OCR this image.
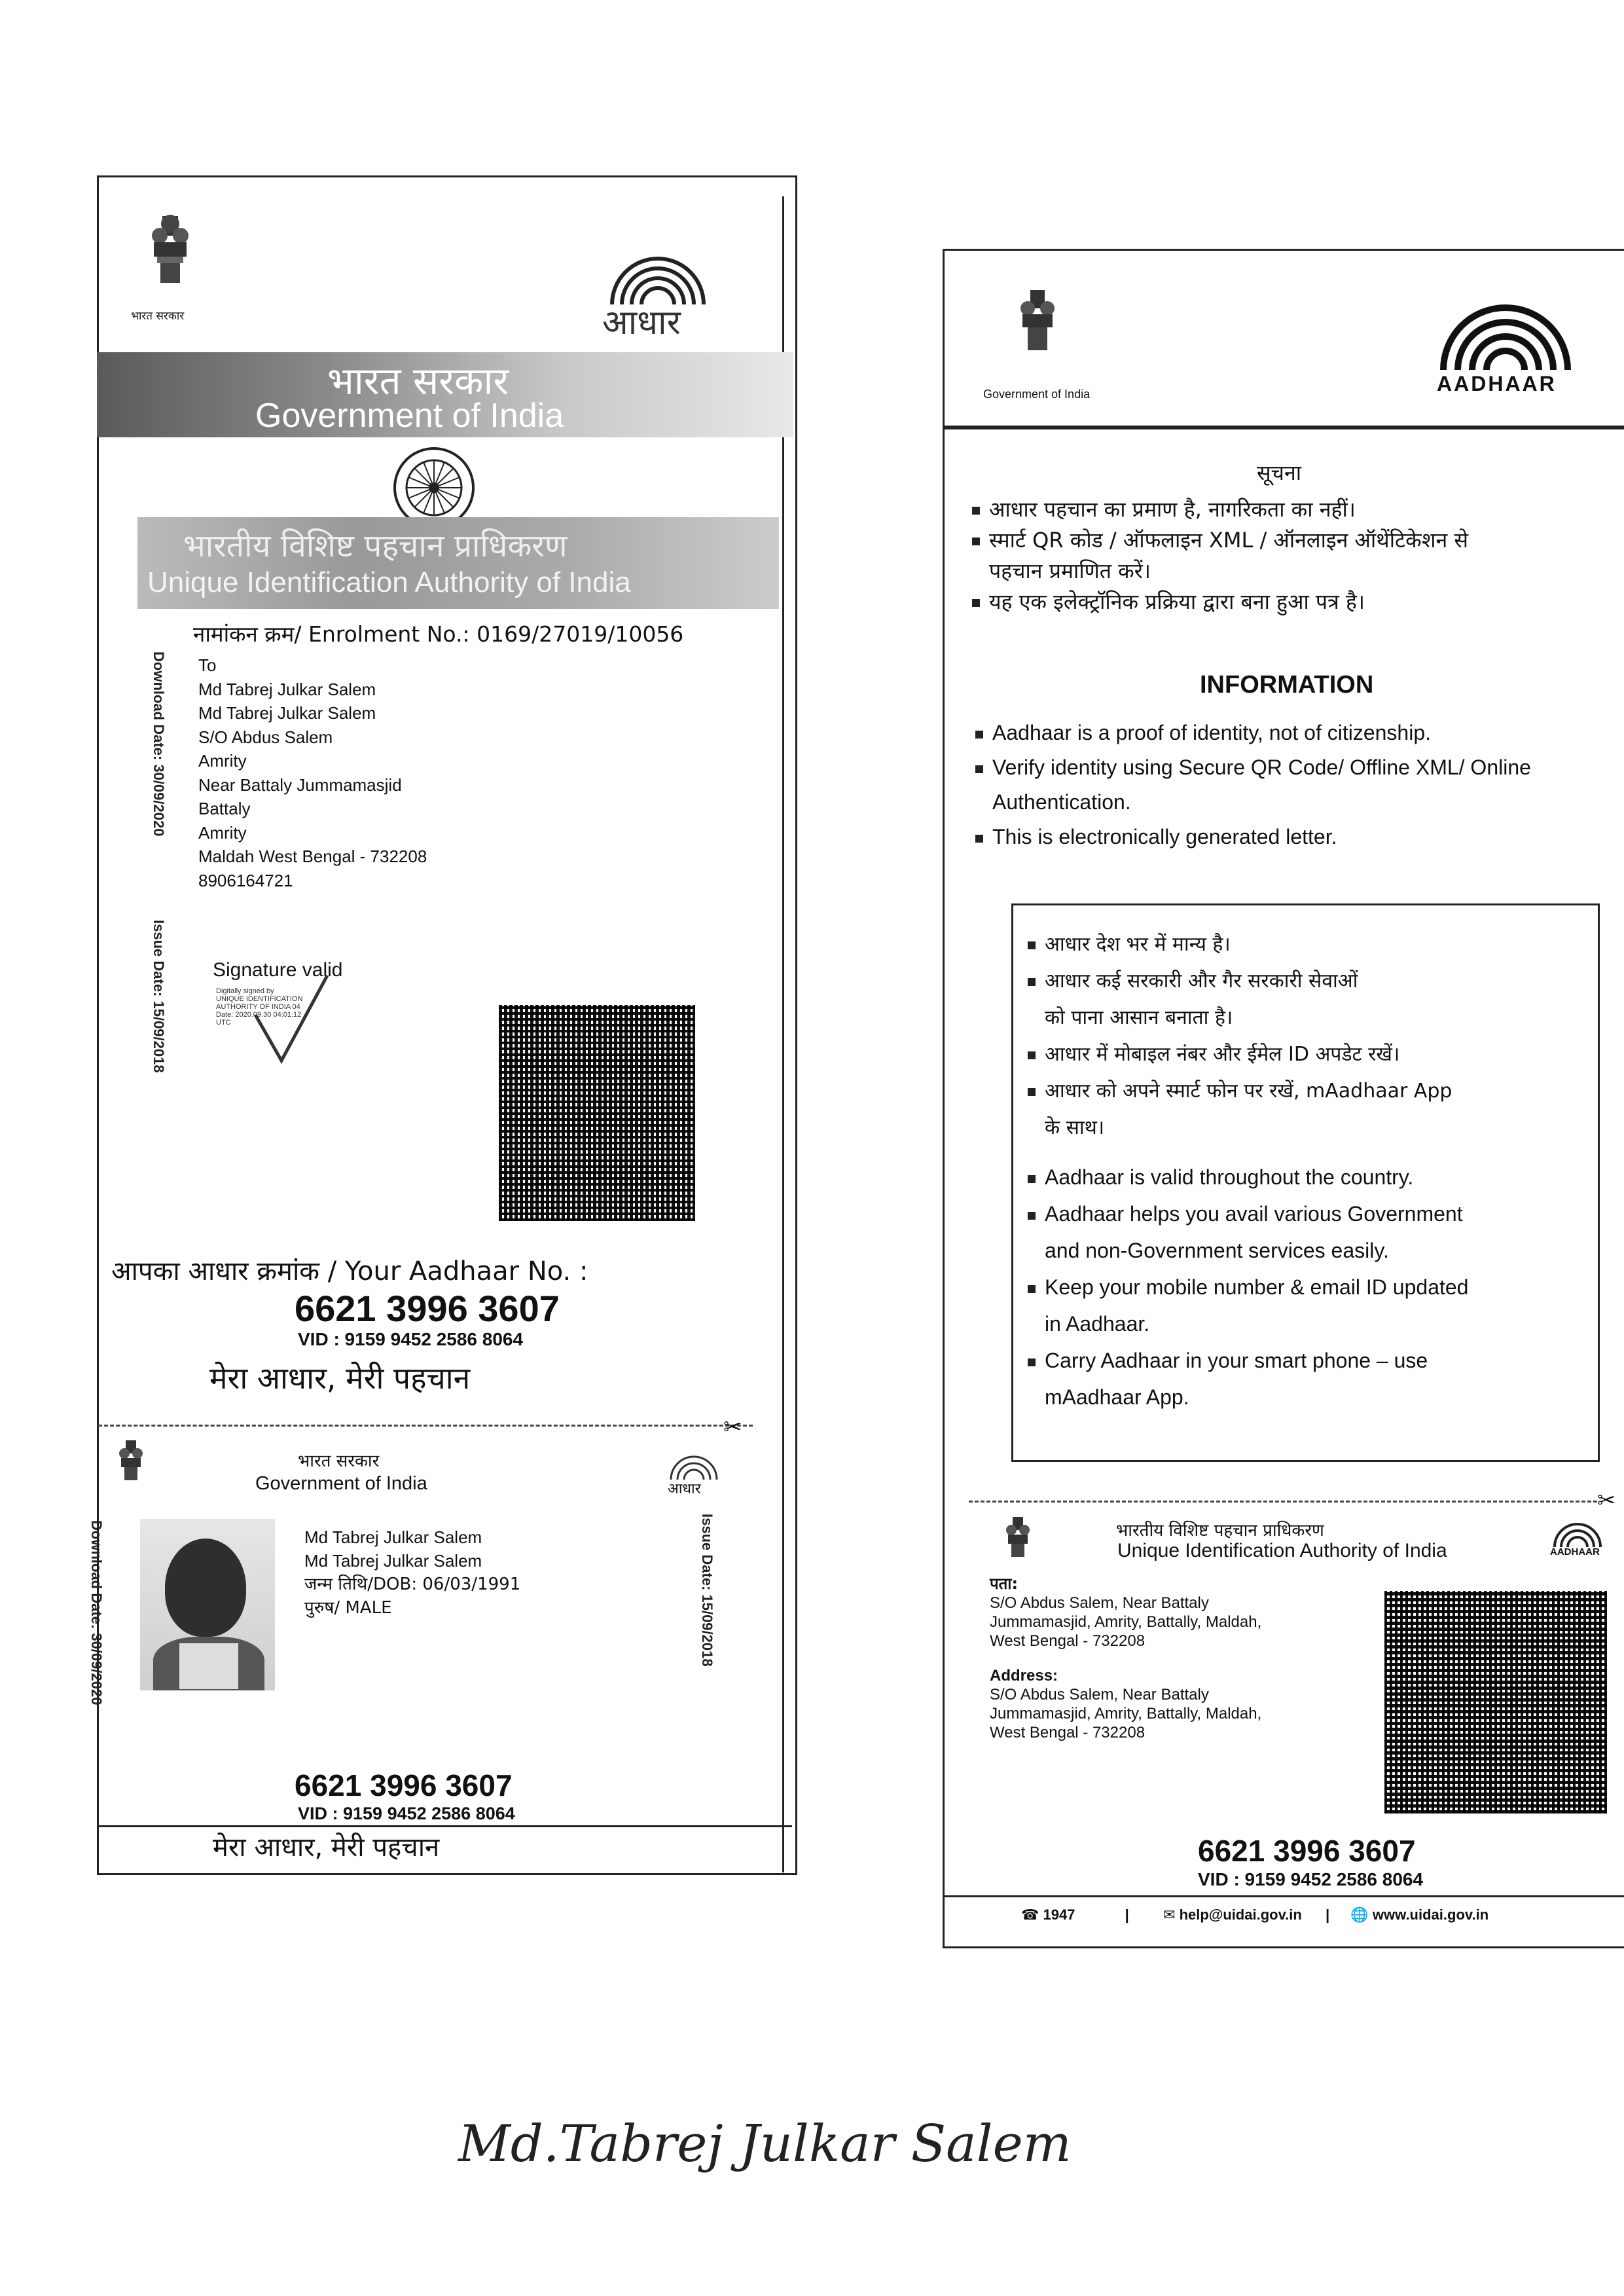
भारत सरकार	आधार
भारत सरकार
Government of India
भारतीय विशिष्ट पहचान प्राधिकरण
Unique Identification Authority of India
नामांकन क्रम/ Enrolment No.: 0169/27019/10056
Download Date: 30/09/2020
Issue Date: 15/09/2018
To
Md Tabrej Julkar Salem
Md Tabrej Julkar Salem
S/O Abdus Salem
Amrity
Near Battaly Jummamasjid
Battaly
Amrity
Maldah West Bengal - 732208
8906164721
Signature valid
Digitally signed by
UNIQUE IDENTIFICATION
AUTHORITY OF INDIA 04
Date: 2020.09.30 04:01:12
UTC
आपका आधार क्रमांक / Your Aadhaar No. :
6621 3996 3607
VID : 9159 9452 2586 8064
मेरा आधार, मेरी पहचान
✂
भारत सरकार
Government of India	आधार
Download Date: 30/09/2020	Issue Date: 15/09/2018
Md Tabrej Julkar Salem
Md Tabrej Julkar Salem
जन्म तिथि/DOB: 06/03/1991
पुरुष/ MALE
6621 3996 3607
VID : 9159 9452 2586 8064
मेरा आधार, मेरी पहचान
Government of India	AADHAAR
सूचना
आधार पहचान का प्रमाण है, नागरिकता का नहीं।
स्मार्ट QR कोड / ऑफलाइन XML / ऑनलाइन ऑथेंटिकेशन से
पहचान प्रमाणित करें।
यह एक इलेक्ट्रॉनिक प्रक्रिया द्वारा बना हुआ पत्र है।
INFORMATION
Aadhaar is a proof of identity, not of citizenship.
Verify identity using Secure QR Code/ Offline XML/ Online
Authentication.
This is electronically generated letter.
आधार देश भर में मान्य है।
आधार कई सरकारी और गैर सरकारी सेवाओं
को पाना आसान बनाता है।
आधार में मोबाइल नंबर और ईमेल ID अपडेट रखें।
आधार को अपने स्मार्ट फोन पर रखें, mAadhaar App
के साथ।
Aadhaar is valid throughout the country.
Aadhaar helps you avail various Government
and non-Government services easily.
Keep your mobile number & email ID updated
in Aadhaar.
Carry Aadhaar in your smart phone – use
mAadhaar App.
✂
भारतीय विशिष्ट पहचान प्राधिकरण
Unique Identification Authority of India	AADHAAR
पता:
S/O Abdus Salem, Near Battaly
Jummamasjid, Amrity, Battally, Maldah,
West Bengal - 732208
Address:
S/O Abdus Salem, Near Battaly
Jummamasjid, Amrity, Battally, Maldah,
West Bengal - 732208
6621 3996 3607
VID : 9159 9452 2586 8064
☎ 1947	|  ✉ help@uidai.gov.in |  🌐 www.uidai.gov.in
Md.Tabrej Julkar Salem
